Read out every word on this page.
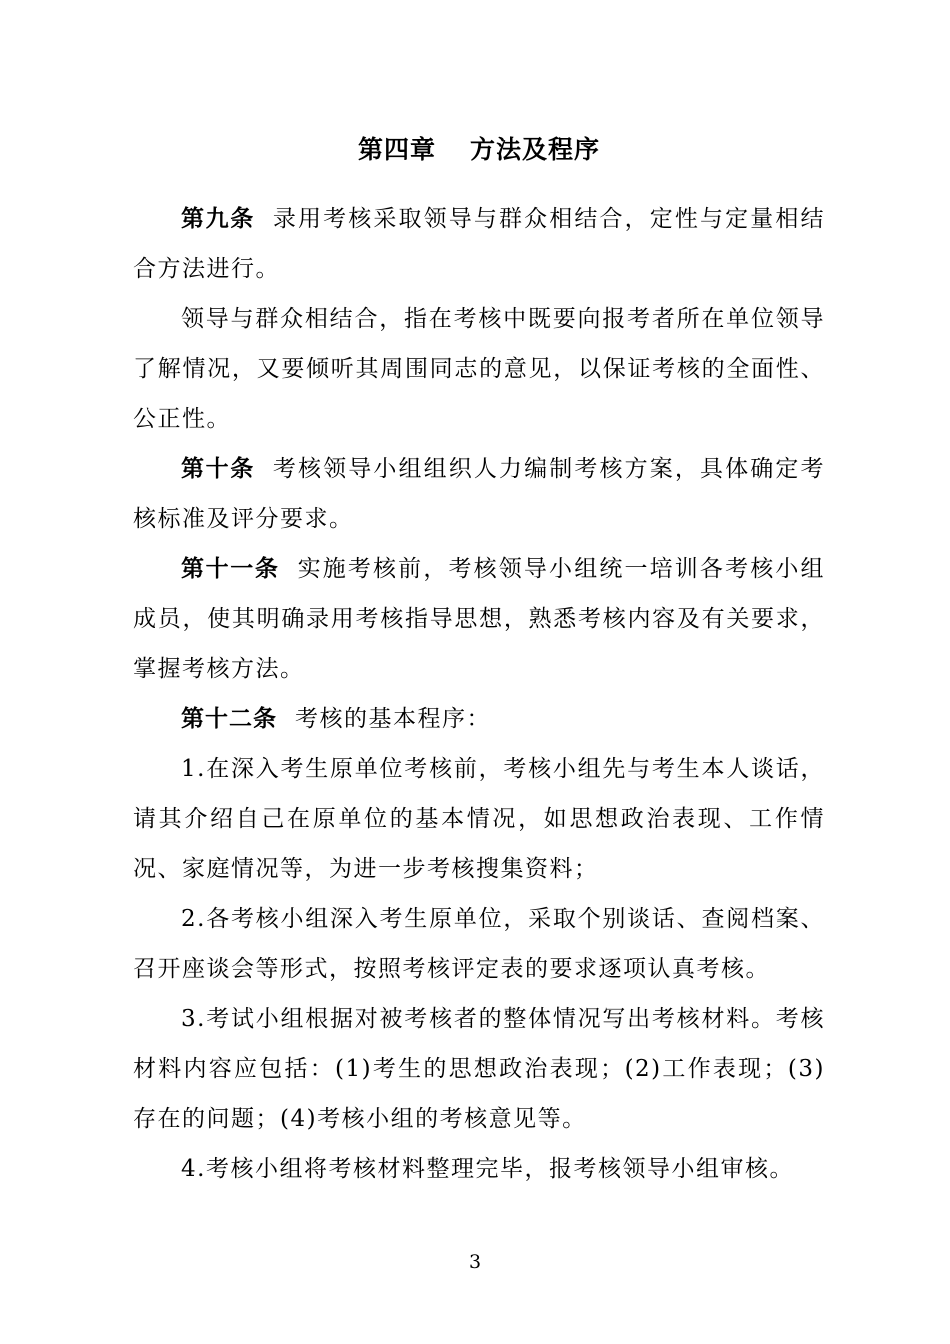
第四章 方法及程序

第九条 录用考核采取领导与群众相结合，定性与定量相结合方法进行。

领导与群众相结合，指在考核中既要向报考者所在单位领导了解情况，又要倾听其周围同志的意见，以保证考核的全面性、公正性。

第十条 考核领导小组组织人力编制考核方案，具体确定考核标准及评分要求。

第十一条 实施考核前，考核领导小组统一培训各考核小组成员，使其明确录用考核指导思想，熟悉考核内容及有关要求，掌握考核方法。

第十二条 考核的基本程序：

1.在深入考生原单位考核前，考核小组先与考生本人谈话，请其介绍自己在原单位的基本情况，如思想政治表现、工作情况、家庭情况等，为进一步考核搜集资料；

2.各考核小组深入考生原单位，采取个别谈话、查阅档案、召开座谈会等形式，按照考核评定表的要求逐项认真考核。

3.考试小组根据对被考核者的整体情况写出考核材料。考核材料内容应包括：(1)考生的思想政治表现；(2)工作表现；(3)存在的问题；(4)考核小组的考核意见等。

4.考核小组将考核材料整理完毕，报考核领导小组审核。

3
